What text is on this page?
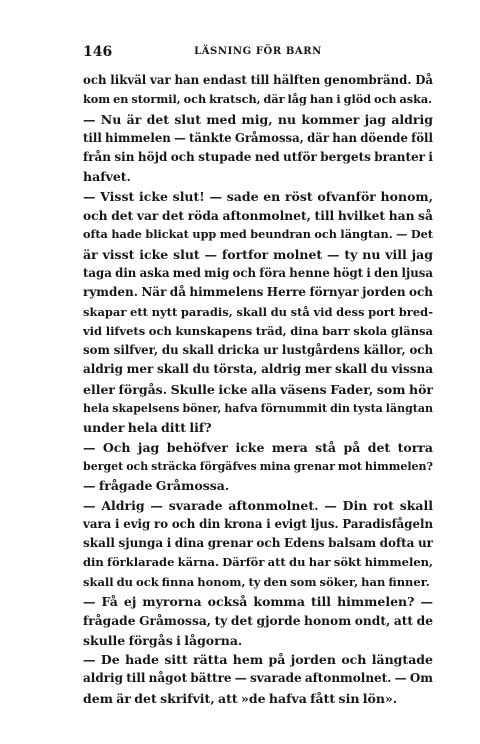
146	LÄSNING FÖR BARN
och likväl var han endast till hälften genombränd. Då
kom en stormil, och kratsch, där låg han i glöd och aska.
— Nu är det slut med mig, nu kommer jag aldrig
till himmelen — tänkte Gråmossa, där han döende föll
från sin höjd och stupade ned utför bergets branter i
hafvet.
— Visst icke slut! — sade en röst ofvanför honom,
och det var det röda aftonmolnet, till hvilket han så
ofta hade blickat upp med beundran och längtan. — Det
är visst icke slut — fortfor molnet — ty nu vill jag
taga din aska med mig och föra henne högt i den ljusa
rymden. När då himmelens Herre förnyar jorden och
skapar ett nytt paradis, skall du stå vid dess port bred-
vid lifvets och kunskapens träd, dina barr skola glänsa
som silfver, du skall dricka ur lustgårdens källor, och
aldrig mer skall du törsta, aldrig mer skall du vissna
eller förgås. Skulle icke alla väsens Fader, som hör
hela skapelsens böner, hafva förnummit din tysta längtan
under hela ditt lif?
— Och jag behöfver icke mera stå på det torra
berget och sträcka förgäfves mina grenar mot himmelen?
— frågade Gråmossa.
— Aldrig — svarade aftonmolnet. — Din rot skall
vara i evig ro och din krona i evigt ljus. Paradisfågeln
skall sjunga i dina grenar och Edens balsam dofta ur
din förklarade kärna. Därför att du har sökt himmelen,
skall du ock finna honom, ty den som söker, han finner.
— Få ej myrorna också komma till himmelen? —
frågade Gråmossa, ty det gjorde honom ondt, att de
skulle förgås i lågorna.
— De hade sitt rätta hem på jorden och längtade
aldrig till något bättre — svarade aftonmolnet. — Om
dem är det skrifvit, att »de hafva fått sin lön».
